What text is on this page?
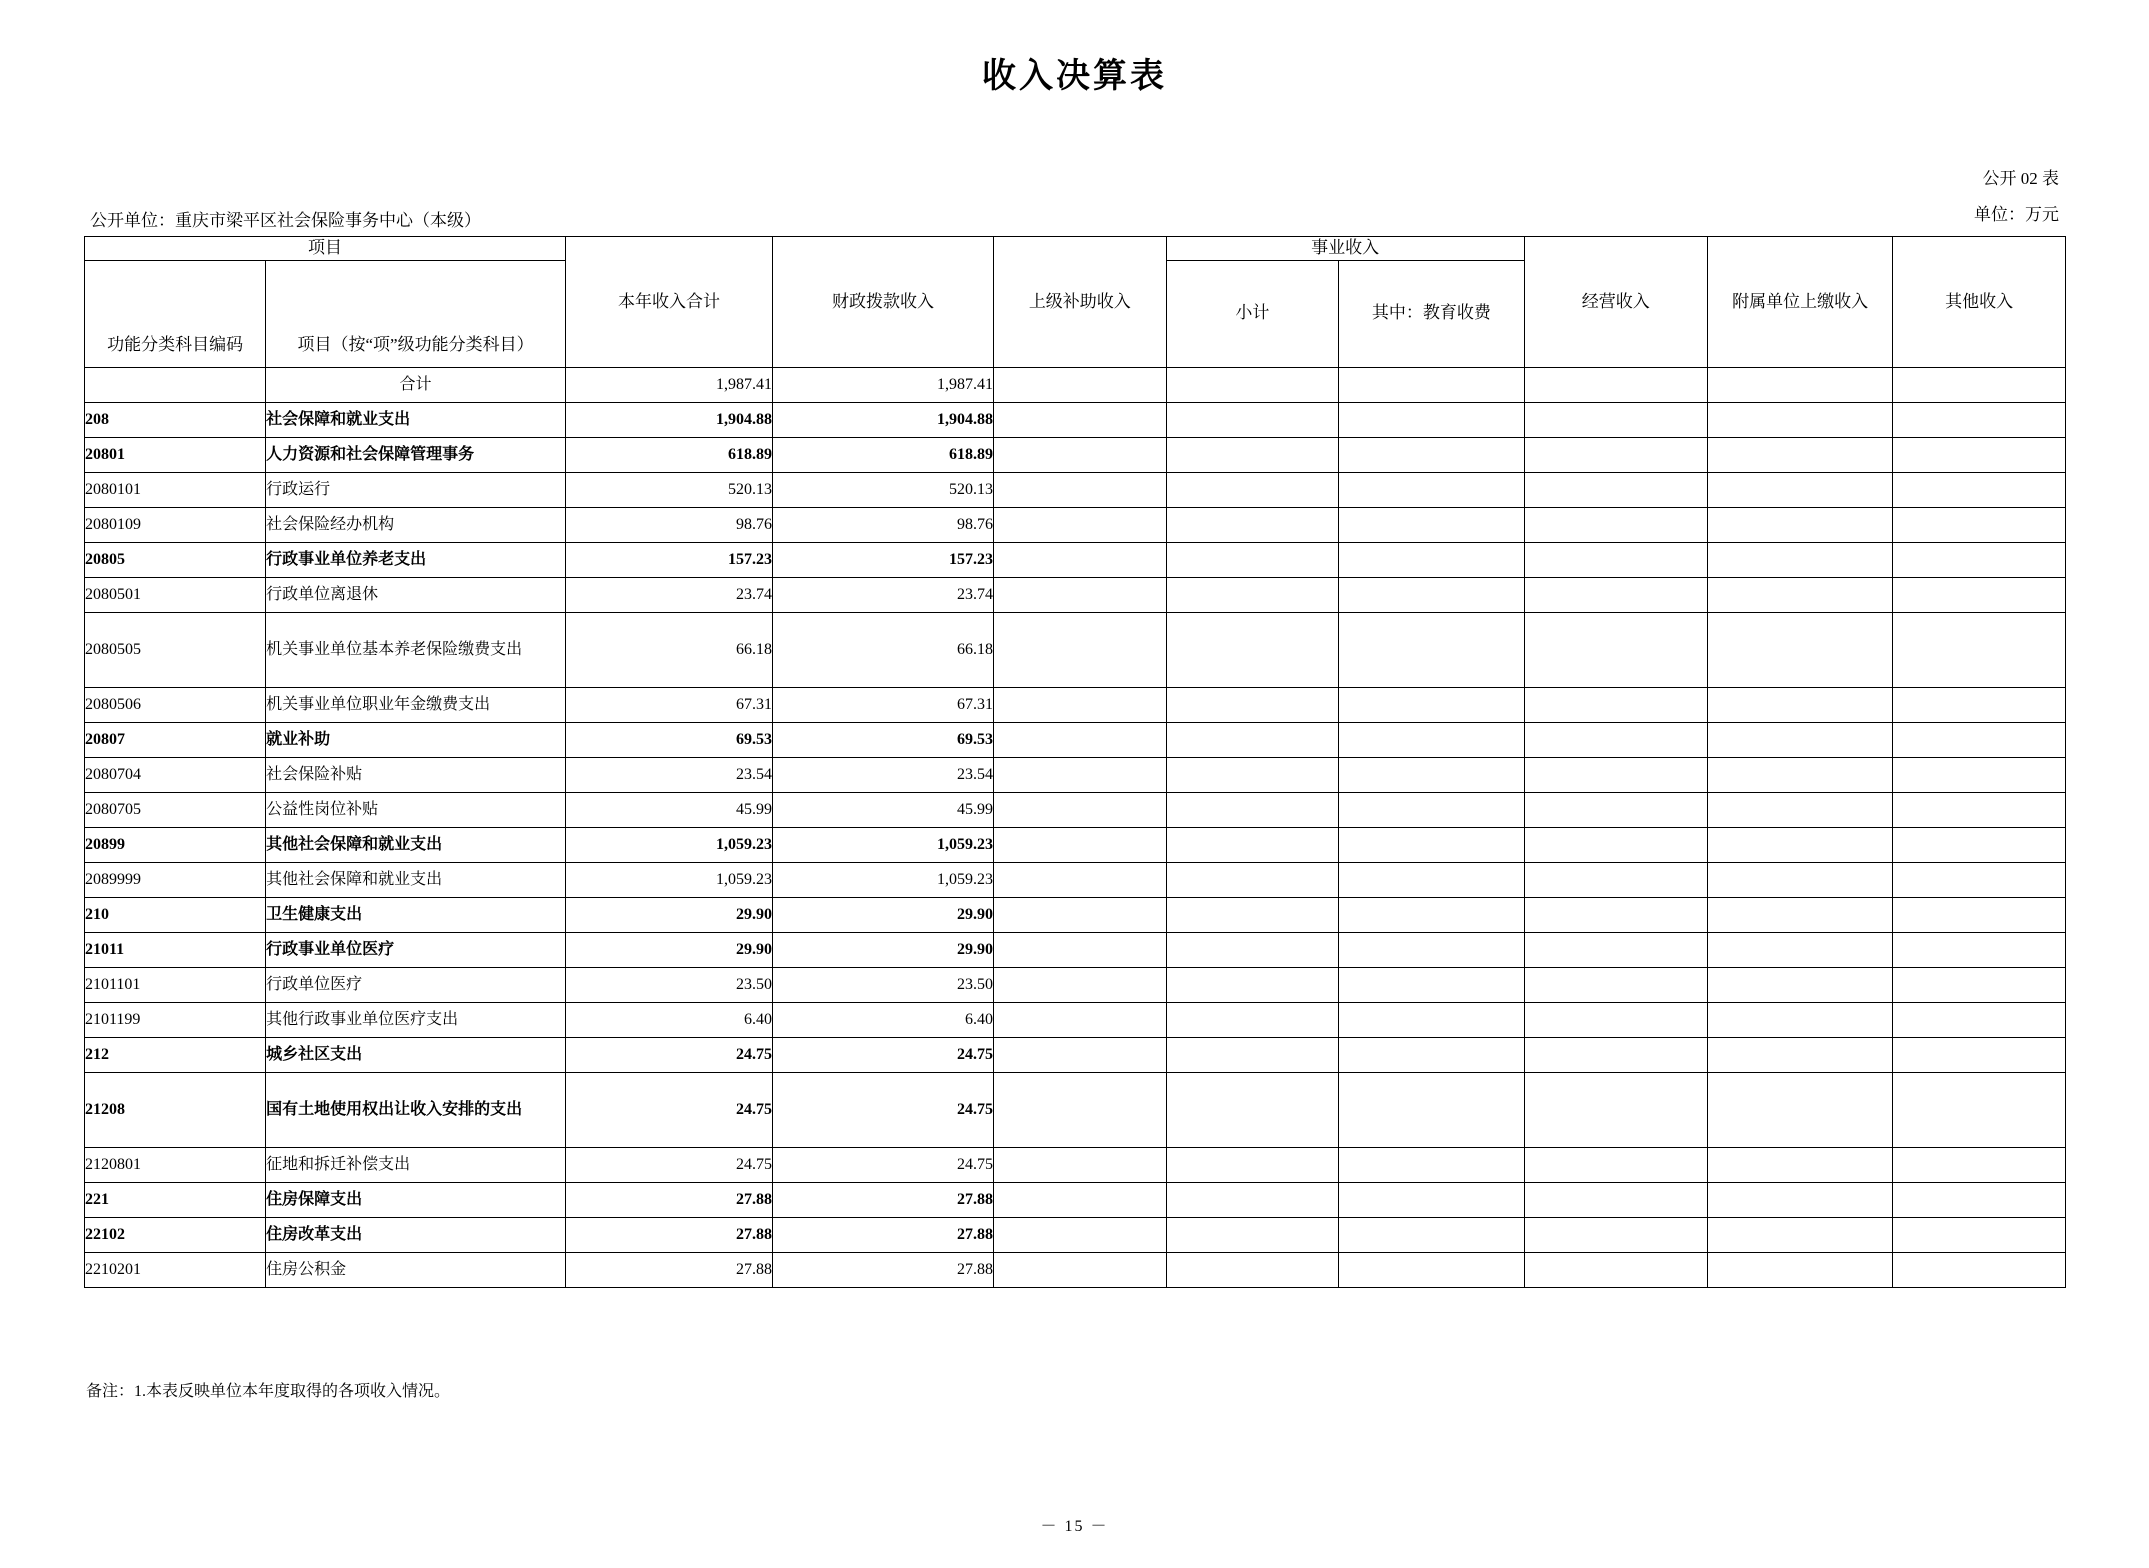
收入决算表
公开 02 表
单位：万元
公开单位：重庆市梁平区社会保险事务中心（本级）
项目		本年收入合计	财政拨款收入	上级补助收入	事业收入		经营收入	附属单位上缴收入	其他收入
功能分类科目编码	项目（按“项”级功能分类科目）				小计	其中：教育收费			
	合计	1,987.41	1,987.41						
208	社会保障和就业支出	1,904.88	1,904.88						
20801	人力资源和社会保障管理事务	618.89	618.89						
2080101	行政运行	520.13	520.13						
2080109	社会保险经办机构	98.76	98.76						
20805	行政事业单位养老支出	157.23	157.23						
2080501	行政单位离退休	23.74	23.74						
2080505	机关事业单位基本养老保险缴费支出	66.18	66.18						
2080506	机关事业单位职业年金缴费支出	67.31	67.31						
20807	就业补助	69.53	69.53						
2080704	社会保险补贴	23.54	23.54						
2080705	公益性岗位补贴	45.99	45.99						
20899	其他社会保障和就业支出	1,059.23	1,059.23						
2089999	其他社会保障和就业支出	1,059.23	1,059.23						
210	卫生健康支出	29.90	29.90						
21011	行政事业单位医疗	29.90	29.90						
2101101	行政单位医疗	23.50	23.50						
2101199	其他行政事业单位医疗支出	6.40	6.40						
212	城乡社区支出	24.75	24.75						
21208	国有土地使用权出让收入安排的支出	24.75	24.75						
2120801	征地和拆迁补偿支出	24.75	24.75						
221	住房保障支出	27.88	27.88						
22102	住房改革支出	27.88	27.88						
2210201	住房公积金	27.88	27.88						
备注：1.本表反映单位本年度取得的各项收入情况。
－ 15 －
